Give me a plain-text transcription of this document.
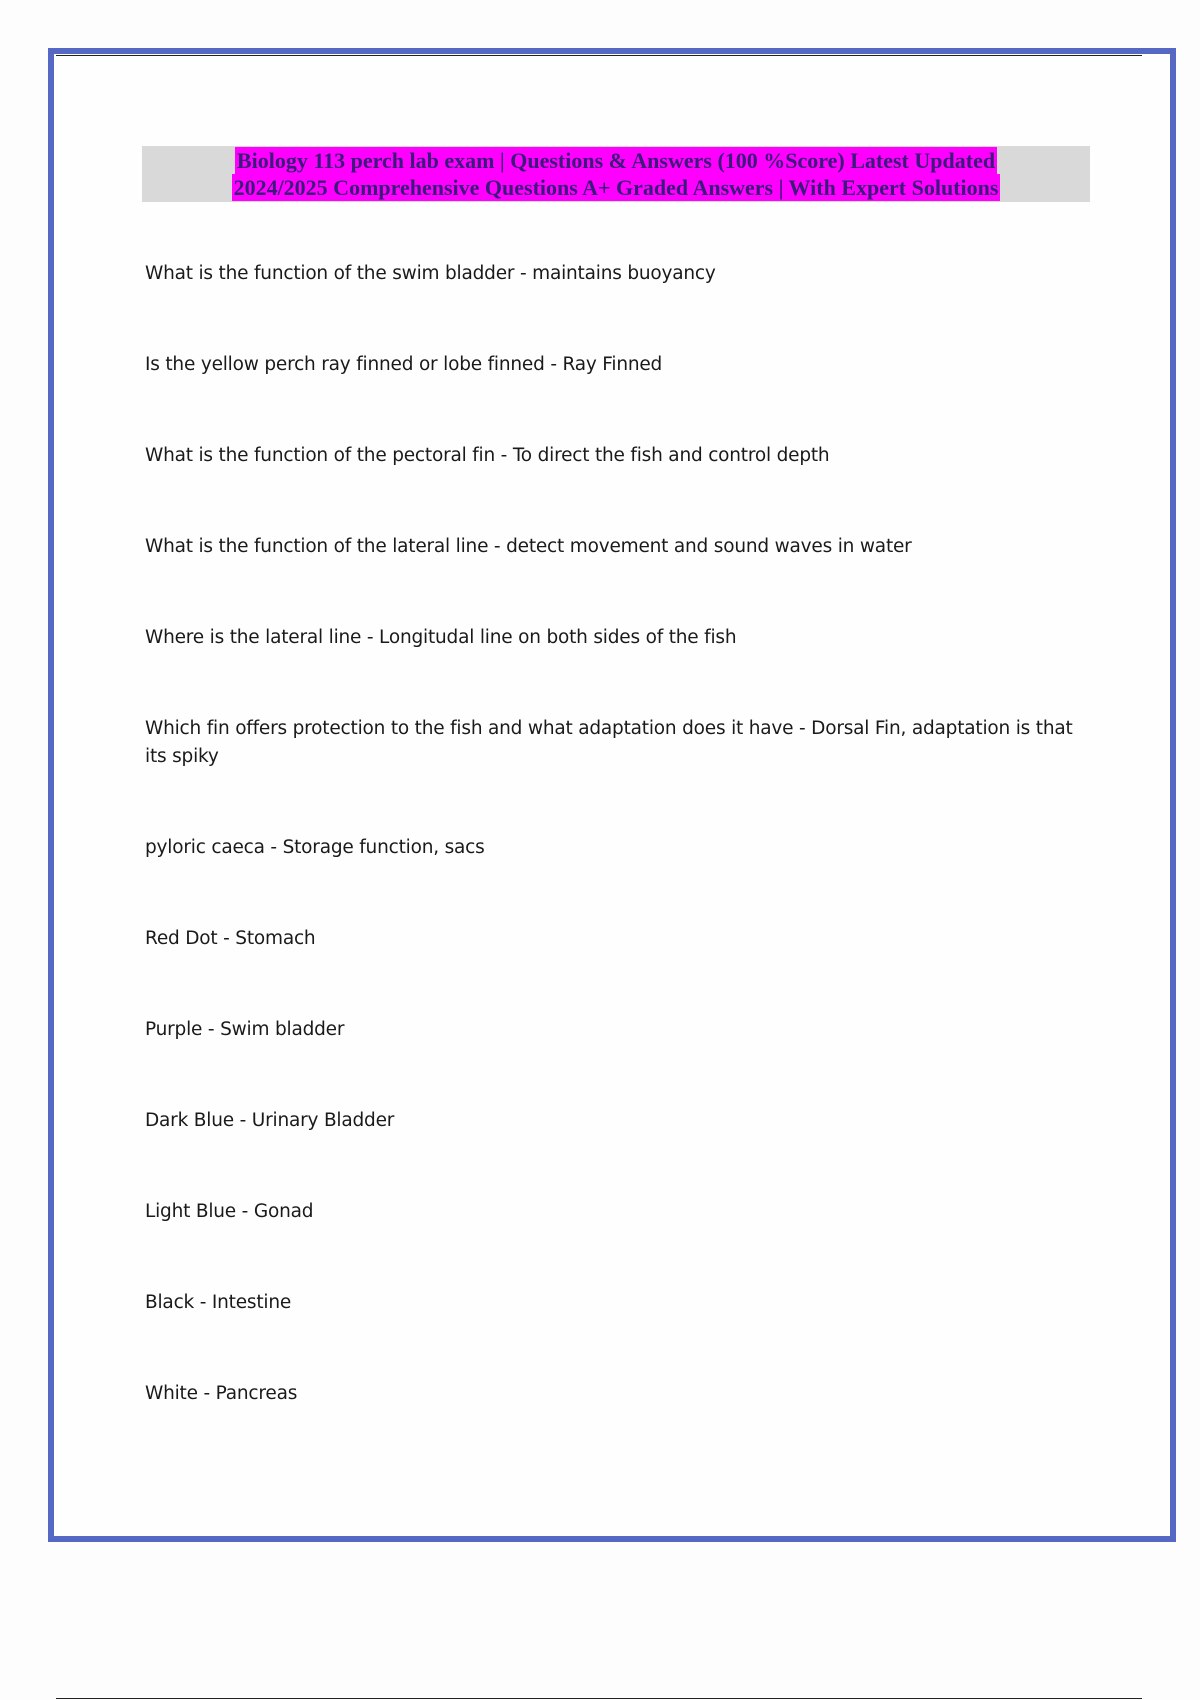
Biology 113 perch lab exam | Questions & Answers (100 %Score) Latest Updated
2024/2025 Comprehensive Questions A+ Graded Answers | With Expert Solutions
What is the function of the swim bladder - maintains buoyancy
Is the yellow perch ray finned or lobe finned - Ray Finned
What is the function of the pectoral fin - To direct the fish and control depth
What is the function of the lateral line - detect movement and sound waves in water
Where is the lateral line - Longitudal line on both sides of the fish
Which fin offers protection to the fish and what adaptation does it have - Dorsal Fin, adaptation is that its spiky
pyloric caeca - Storage function, sacs
Red Dot - Stomach
Purple - Swim bladder
Dark Blue - Urinary Bladder
Light Blue - Gonad
Black - Intestine
White - Pancreas
